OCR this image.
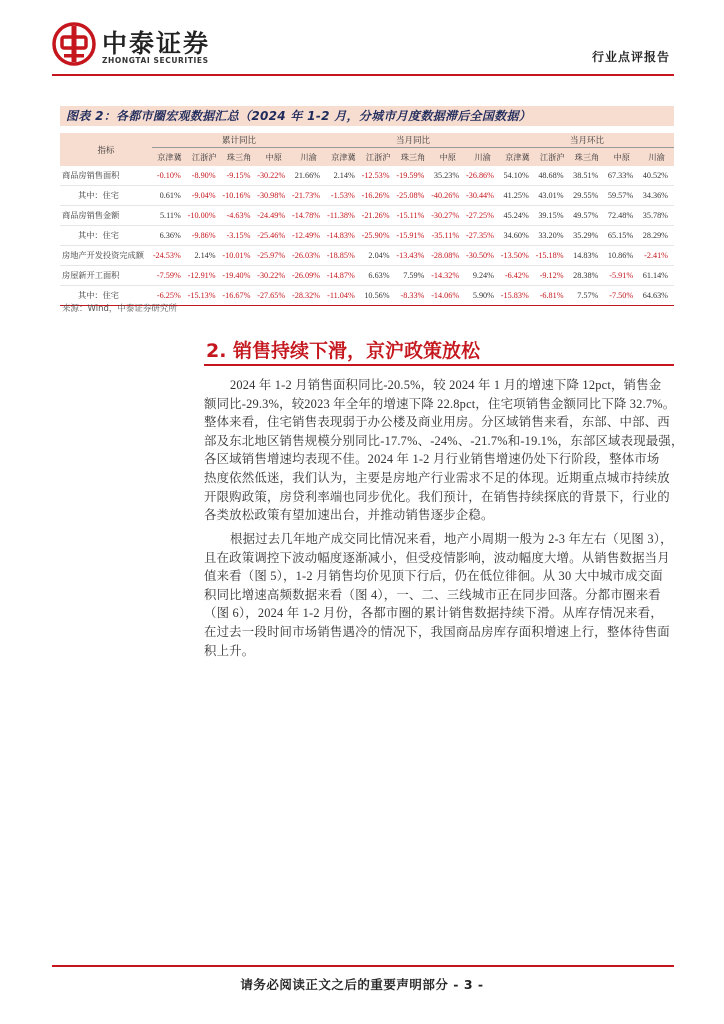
中泰证券
ZHONGTAI SECURITIES	行业点评报告
图表 2：各都市圈宏观数据汇总（2024 年 1-2 月，分城市月度数据滞后全国数据）
指标	累计同比					当月同比					当月环比				
	京津冀	江浙沪	珠三角	中原	川渝	京津冀	江浙沪	珠三角	中原	川渝	京津冀	江浙沪	珠三角	中原	川渝
商品房销售面积	-0.10%	-8.90%	-9.15%	-30.22%	21.66%	2.14%	-12.53%	-19.59%	35.23%	-26.86%	54.10%	48.68%	38.51%	67.33%	40.52%
其中：住宅	0.61%	-9.04%	-10.16%	-30.98%	-21.73%	-1.53%	-16.26%	-25.08%	-40.26%	-30.44%	41.25%	43.01%	29.55%	59.57%	34.36%
商品房销售金额	5.11%	-10.00%	-4.63%	-24.49%	-14.78%	-11.38%	-21.26%	-15.11%	-30.27%	-27.25%	45.24%	39.15%	49.57%	72.48%	35.78%
其中：住宅	6.36%	-9.86%	-3.15%	-25.46%	-12.49%	-14.83%	-25.90%	-15.91%	-35.11%	-27.35%	34.60%	33.20%	35.29%	65.15%	28.29%
房地产开发投资完成额	-24.53%	2.14%	-10.01%	-25.97%	-26.03%	-18.85%	2.04%	-13.43%	-28.08%	-30.50%	-13.50%	-15.18%	14.83%	10.86%	-2.41%
房屋新开工面积	-7.59%	-12.91%	-19.40%	-30.22%	-26.09%	-14.87%	6.63%	7.59%	-14.32%	9.24%	-6.42%	-9.12%	28.38%	-5.91%	61.14%
其中：住宅	-6.25%	-15.13%	-16.67%	-27.65%	-28.32%	-11.04%	10.56%	-8.33%	-14.06%	5.90%	-15.83%	-6.81%	7.57%	-7.50%	64.63%
来源：Wind，中泰证券研究所
2. 销售持续下滑，京沪政策放松
2024 年 1-2 月销售面积同比-20.5%，较 2024 年 1 月的增速下降 12pct，销售金
额同比-29.3%，较2023 年全年的增速下降 22.8pct，住宅项销售金额同比下降 32.7%。
整体来看，住宅销售表现弱于办公楼及商业用房。分区域销售来看，东部、中部、西
部及东北地区销售规模分别同比-17.7%、-24%、-21.7%和-19.1%，东部区域表现最强，
各区域销售增速均表现不佳。2024 年 1-2 月行业销售增速仍处下行阶段，整体市场
热度依然低迷，我们认为，主要是房地产行业需求不足的体现。近期重点城市持续放
开限购政策，房贷利率端也同步优化。我们预计，在销售持续探底的背景下，行业的
各类放松政策有望加速出台，并推动销售逐步企稳。
根据过去几年地产成交同比情况来看，地产小周期一般为 2-3 年左右（见图 3），
且在政策调控下波动幅度逐渐减小，但受疫情影响，波动幅度大增。从销售数据当月
值来看（图 5），1-2 月销售均价见顶下行后，仍在低位徘徊。从 30 大中城市成交面
积同比增速高频数据来看（图 4），一、二、三线城市正在同步回落。分都市圈来看
（图 6），2024 年 1-2 月份，各都市圈的累计销售数据持续下滑。从库存情况来看，
在过去一段时间市场销售遇冷的情况下，我国商品房库存面积增速上行，整体待售面
积上升。
请务必阅读正文之后的重要声明部分 - 3 -
